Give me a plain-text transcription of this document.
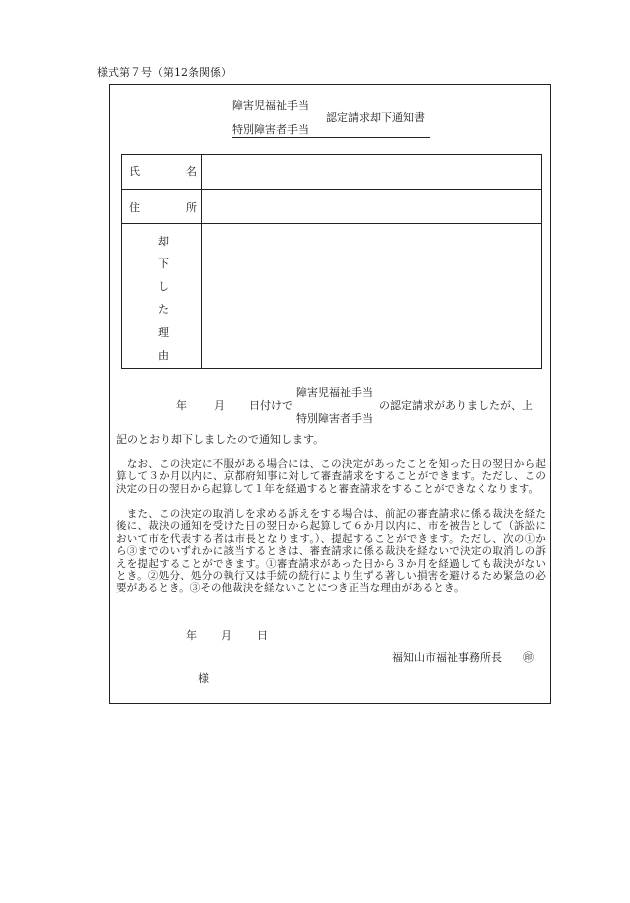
様式第７号（第12条関係）
障害児福祉手当
認定請求却下通知書
特別障害者手当
氏	名
住	所
却
下
し
た
理
由
年 月 日付けで
障害児福祉手当
特別障害者手当
の認定請求がありましたが、上
記のとおり却下しましたので通知します。

　なお、この決定に不服がある場合には、この決定があったことを知った日の翌日から起算して３か月以内に、京都府知事に対して審査請求をすることができます。ただし、この決定の日の翌日から起算して１年を経過すると審査請求をすることができなくなります。

　また、この決定の取消しを求める訴えをする場合は、前記の審査請求に係る裁決を経た後に、裁決の通知を受けた日の翌日から起算して６か月以内に、市を被告として（訴訟において市を代表する者は市長となります。）、提起することができます。ただし、次の①から③までのいずれかに該当するときは、審査請求に係る裁決を経ないで決定の取消しの訴えを提起することができます。①審査請求があった日から３か月を経過しても裁決がないとき。②処分、処分の執行又は手続の続行により生ずる著しい損害を避けるため緊急の必要があるとき。③その他裁決を経ないことにつき正当な理由があるとき。

年 月 日
福知山市福祉事務所長 ㊞
様
